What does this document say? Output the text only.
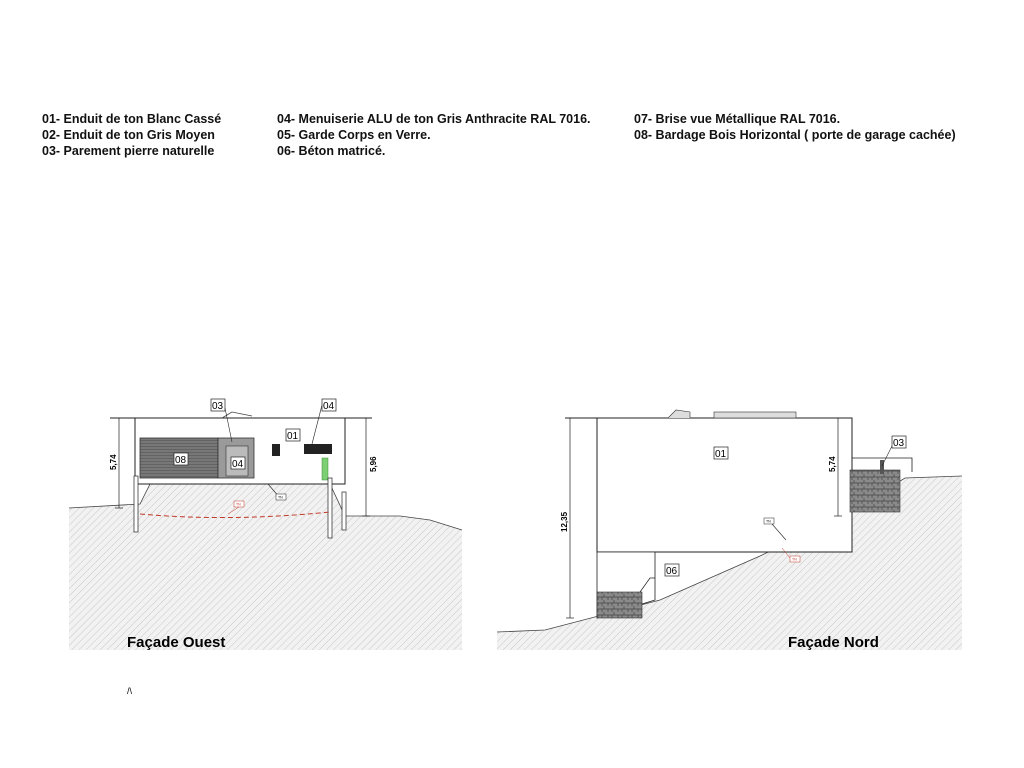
01- Enduit de ton Blanc Cassé
02- Enduit de ton Gris Moyen
03- Parement pierre naturelle
04- Menuiserie ALU de ton Gris Anthracite RAL 7016.
05- Garde Corps en Verre.
06- Béton matricé.
07- Brise vue Métallique RAL 7016.
08- Bardage Bois Horizontal ( porte de garage cachée)
5,74	5,96
03	04
01
08	04
TN
TN
Façade Ouest
12,35
5,74
01
03
06
TN
TN
Façade Nord
/\
